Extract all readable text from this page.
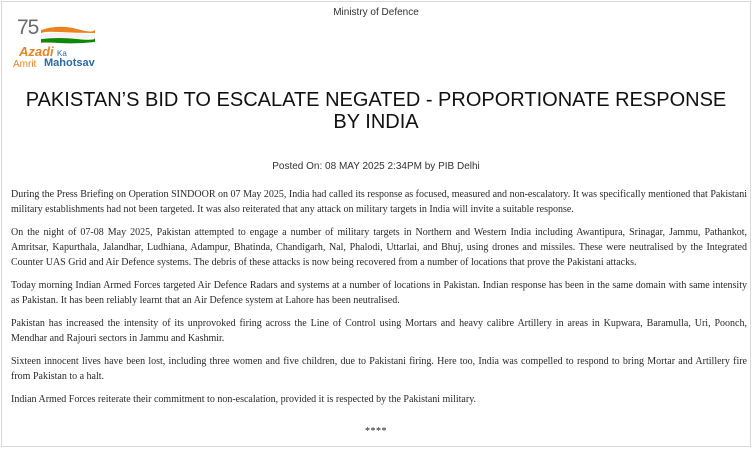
Ministry of Defence
75
Azadi Ka
Amrit Mahotsav
PAKISTAN’S BID TO ESCALATE NEGATED - PROPORTIONATE RESPONSE BY INDIA
Posted On: 08 MAY 2025 2:34PM by PIB Delhi

During the Press Briefing on Operation SINDOOR on 07 May 2025, India had called its response as focused, measured and non-escalatory. It was specifically mentioned that Pakistani military establishments had not been targeted. It was also reiterated that any attack on military targets in India will invite a suitable response.

On the night of 07-08 May 2025, Pakistan attempted to engage a number of military targets in Northern and Western India including Awantipura, Srinagar, Jammu, Pathankot, Amritsar, Kapurthala, Jalandhar, Ludhiana, Adampur, Bhatinda, Chandigarh, Nal, Phalodi, Uttarlai, and Bhuj, using drones and missiles. These were neutralised by the Integrated Counter UAS Grid and Air Defence systems. The debris of these attacks is now being recovered from a number of locations that prove the Pakistani attacks.

Today morning Indian Armed Forces targeted Air Defence Radars and systems at a number of locations in Pakistan. Indian response has been in the same domain with same intensity as Pakistan. It has been reliably learnt that an Air Defence system at Lahore has been neutralised.

Pakistan has increased the intensity of its unprovoked firing across the Line of Control using Mortars and heavy calibre Artillery in areas in Kupwara, Baramulla, Uri, Poonch, Mendhar and Rajouri sectors in Jammu and Kashmir.

Sixteen innocent lives have been lost, including three women and five children, due to Pakistani firing. Here too, India was compelled to respond to bring Mortar and Artillery fire from Pakistan to a halt.

Indian Armed Forces reiterate their commitment to non-escalation, provided it is respected by the Pakistani military.

****
